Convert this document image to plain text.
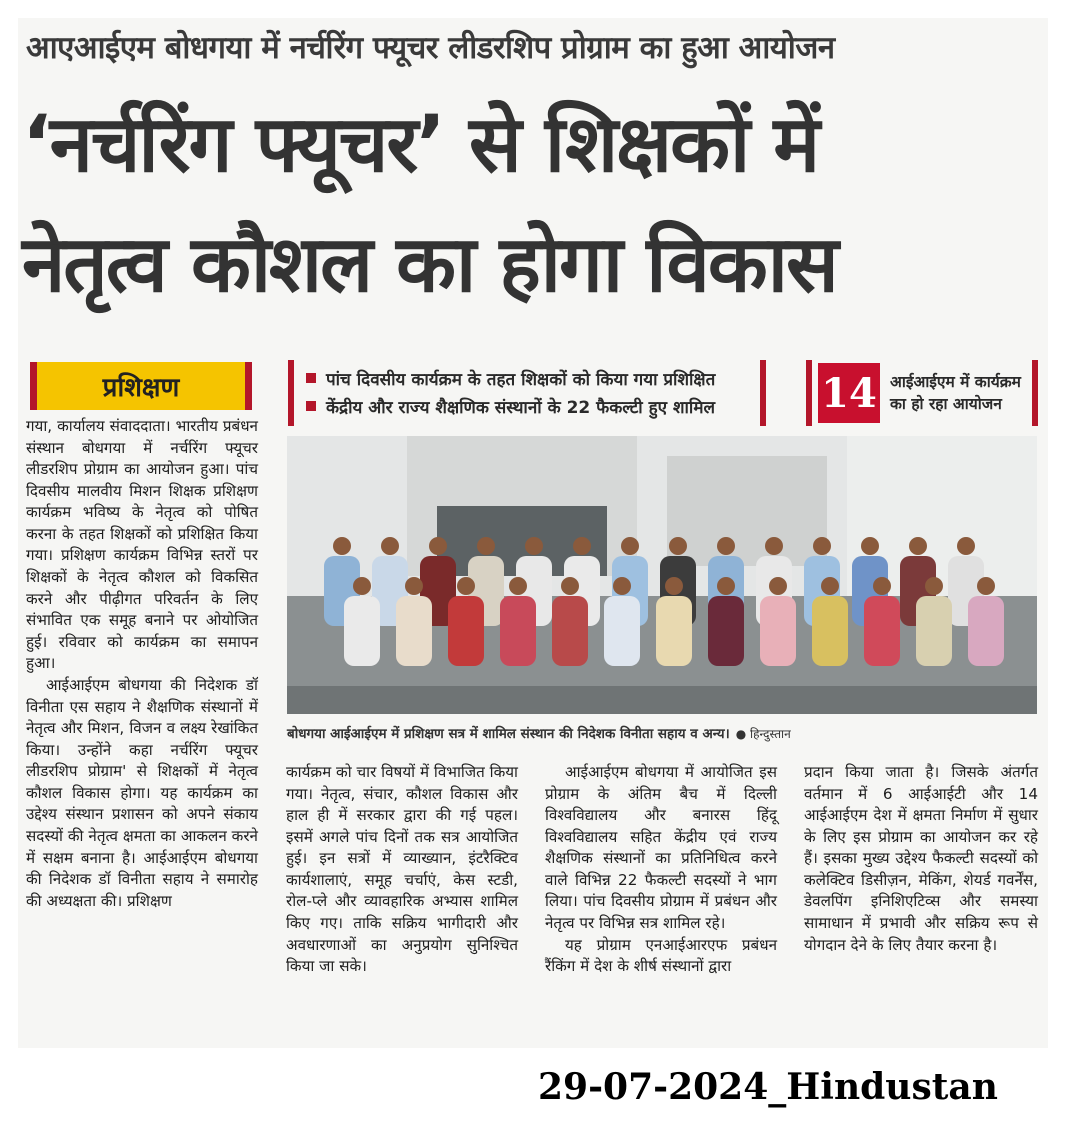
आएआईएम बोधगया में नर्चरिंग फ्यूचर लीडरशिप प्रोग्राम का हुआ आयोजन
‘नर्चरिंग फ्यूचर’ से शिक्षकों में
नेतृत्व कौशल का होगा विकास
प्रशिक्षण	पांच दिवसीय कार्यक्रम के तहत शिक्षकों को किया गया प्रशिक्षित
केंद्रीय और राज्य शैक्षणिक संस्थानों के 22 फैकल्टी हुए शामिल	14 आईआईएम में कार्यक्रम
का हो रहा आयोजन

गया, कार्यालय संवाददाता। भारतीय प्रबंधन संस्थान बोधगया में नर्चरिंग फ्यूचर लीडरशिप प्रोग्राम का आयोजन हुआ। पांच दिवसीय मालवीय मिशन शिक्षक प्रशिक्षण कार्यक्रम भविष्य के नेतृत्व को पोषित करना के तहत शिक्षकों को प्रशिक्षित किया गया। प्रशिक्षण कार्यक्रम विभिन्न स्तरों पर शिक्षकों के नेतृत्व कौशल को विकसित करने और पीढ़ीगत परिवर्तन के लिए संभावित एक समूह बनाने पर ओयोजित हुई। रविवार को कार्यक्रम का समापन हुआ।

आईआईएम बोधगया की निदेशक डॉ विनीता एस सहाय ने शैक्षणिक संस्थानों में नेतृत्व और मिशन, विजन व लक्ष्य रेखांकित किया। उन्होंने कहा नर्चरिंग फ्यूचर लीडरशिप प्रोग्राम' से शिक्षकों में नेतृत्व कौशल विकास होगा। यह कार्यक्रम का उद्देश्य संस्थान प्रशासन को अपने संकाय सदस्यों की नेतृत्व क्षमता का आकलन करने में सक्षम बनाना है। आईआईएम बोधगया की निदेशक डॉ विनीता सहाय ने समारोह की अध्यक्षता की। प्रशिक्षण

बोधगया आईआईएम में प्रशिक्षण सत्र में शामिल संस्थान की निदेशक विनीता सहाय व अन्य। ● हिन्दुस्तान

कार्यक्रम को चार विषयों में विभाजित किया गया। नेतृत्व, संचार, कौशल विकास और हाल ही में सरकार द्वारा की गई पहल। इसमें अगले पांच दिनों तक सत्र आयोजित हुई। इन सत्रों में व्याख्यान, इंटरैक्टिव कार्यशालाएं, समूह चर्चाएं, केस स्टडी, रोल-प्ले और व्यावहारिक अभ्यास शामिल किए गए। ताकि सक्रिय भागीदारी और अवधारणाओं का अनुप्रयोग सुनिश्चित किया जा सके।

आईआईएम बोधगया में आयोजित इस प्रोग्राम के अंतिम बैच में दिल्ली विश्वविद्यालय और बनारस हिंदू विश्वविद्यालय सहित केंद्रीय एवं राज्य शैक्षणिक संस्थानों का प्रतिनिधित्व करने वाले विभिन्न 22 फैकल्टी सदस्यों ने भाग लिया। पांच दिवसीय प्रोग्राम में प्रबंधन और नेतृत्व पर विभिन्न सत्र शामिल रहे।

यह प्रोग्राम एनआईआरएफ प्रबंधन रैंकिंग में देश के शीर्ष संस्थानों द्वारा

प्रदान किया जाता है। जिसके अंतर्गत वर्तमान में 6 आईआईटी और 14 आईआईएम देश में क्षमता निर्माण में सुधार के लिए इस प्रोग्राम का आयोजन कर रहे हैं। इसका मुख्य उद्देश्य फैकल्टी सदस्यों को कलेक्टिव डिसीज़न, मेकिंग, शेयर्ड गवर्नेंस, डेवलपिंग इनिशिएटिव्स और समस्या सामाधान में प्रभावी और सक्रिय रूप से योगदान देने के लिए तैयार करना है।

29-07-2024_Hindustan
